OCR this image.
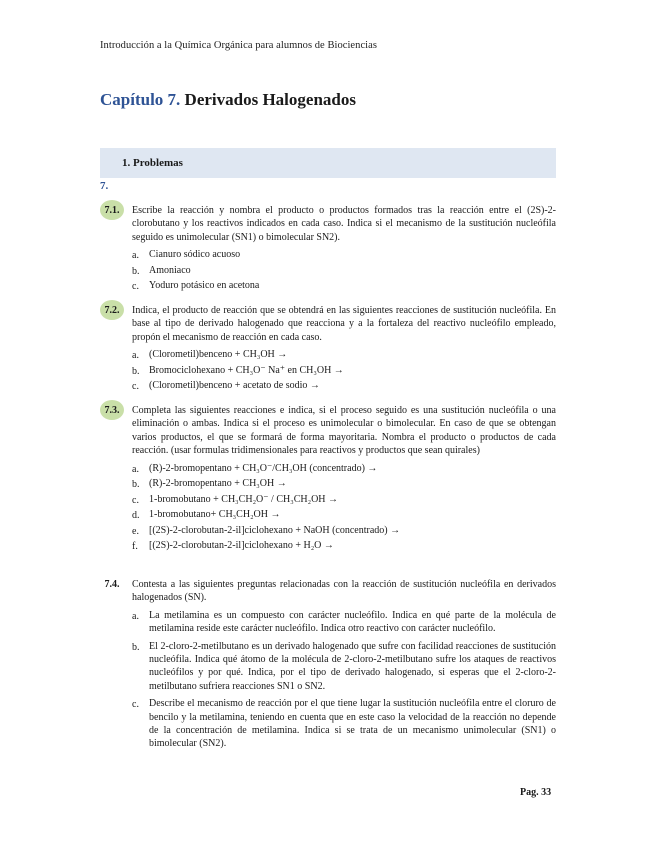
Introducción a la Química Orgánica para alumnos de Biociencias
Capítulo 7. Derivados Halogenados
1. Problemas
7.
7.1.	Escribe la reacción y nombra el producto o productos formados tras la reacción entre el (2S)-2-clorobutano y los reactivos indicados en cada caso. Indica si el mecanismo de la sustitución nucleófila seguido es unimolecular (SN1) o bimolecular SN2).
a.	Cianuro sódico acuoso
b. Amoniaco
c.	Yoduro potásico en acetona
7.2.	Indica, el producto de reacción que se obtendrá en las siguientes reacciones de sustitución nucleófila. En base al tipo de derivado halogenado que reacciona y a la fortaleza del reactivo nucleófilo empleado, propón el mecanismo de reacción en cada caso.
a.	(Clorometil)benceno + CH₃OH →
b. Bromociclohexano + CH₃O⁻ Na⁺ en CH₃OH →
c.	(Clorometil)benceno + acetato de sodio →
7.3.	Completa las siguientes reacciones e indica, si el proceso seguido es una sustitución nucleófila o una eliminación o ambas. Indica si el proceso es unimolecular o bimolecular. En caso de que se obtengan varios productos, el que se formará de forma mayoritaria. Nombra el producto o productos de cada reacción. (usar formulas tridimensionales para reactivos y productos que sean quirales)
a.	(R)-2-bromopentano + CH₃O⁻/CH₃OH (concentrado) →
b. (R)-2-bromopentano + CH₃OH →
c.	1-bromobutano + CH₃CH₂O⁻ / CH₃CH₂OH →
d. 1-bromobutano+ CH₃CH₂OH →
e.	[(2S)-2-clorobutan-2-il]ciclohexano + NaOH (concentrado) →
f.	[(2S)-2-clorobutan-2-il]ciclohexano + H₂O →
7.4.	Contesta a las siguientes preguntas relacionadas con la reacción de sustitución nucleófila en derivados halogenados (SN).
a.	La metilamina es un compuesto con carácter nucleófilo. Indica en qué parte de la molécula de metilamina reside este carácter nucleófilo. Indica otro reactivo con carácter nucleófilo.
b. El 2-cloro-2-metilbutano es un derivado halogenado que sufre con facilidad reacciones de sustitución nucleófila. Indica qué átomo de la molécula de 2-cloro-2-metilbutano sufre los ataques de reactivos nucleófilos y por qué. Indica, por el tipo de derivado halogenado, si esperas que el 2-cloro-2-metilbutano sufriera reacciones SN1 o SN2.
c.	Describe el mecanismo de reacción por el que tiene lugar la sustitución nucleófila entre el cloruro de bencilo y la metilamina, teniendo en cuenta que en este caso la velocidad de la reacción no depende de la concentración de metilamina. Indica si se trata de un mecanismo unimolecular (SN1) o bimolecular (SN2).
Pag. 33
